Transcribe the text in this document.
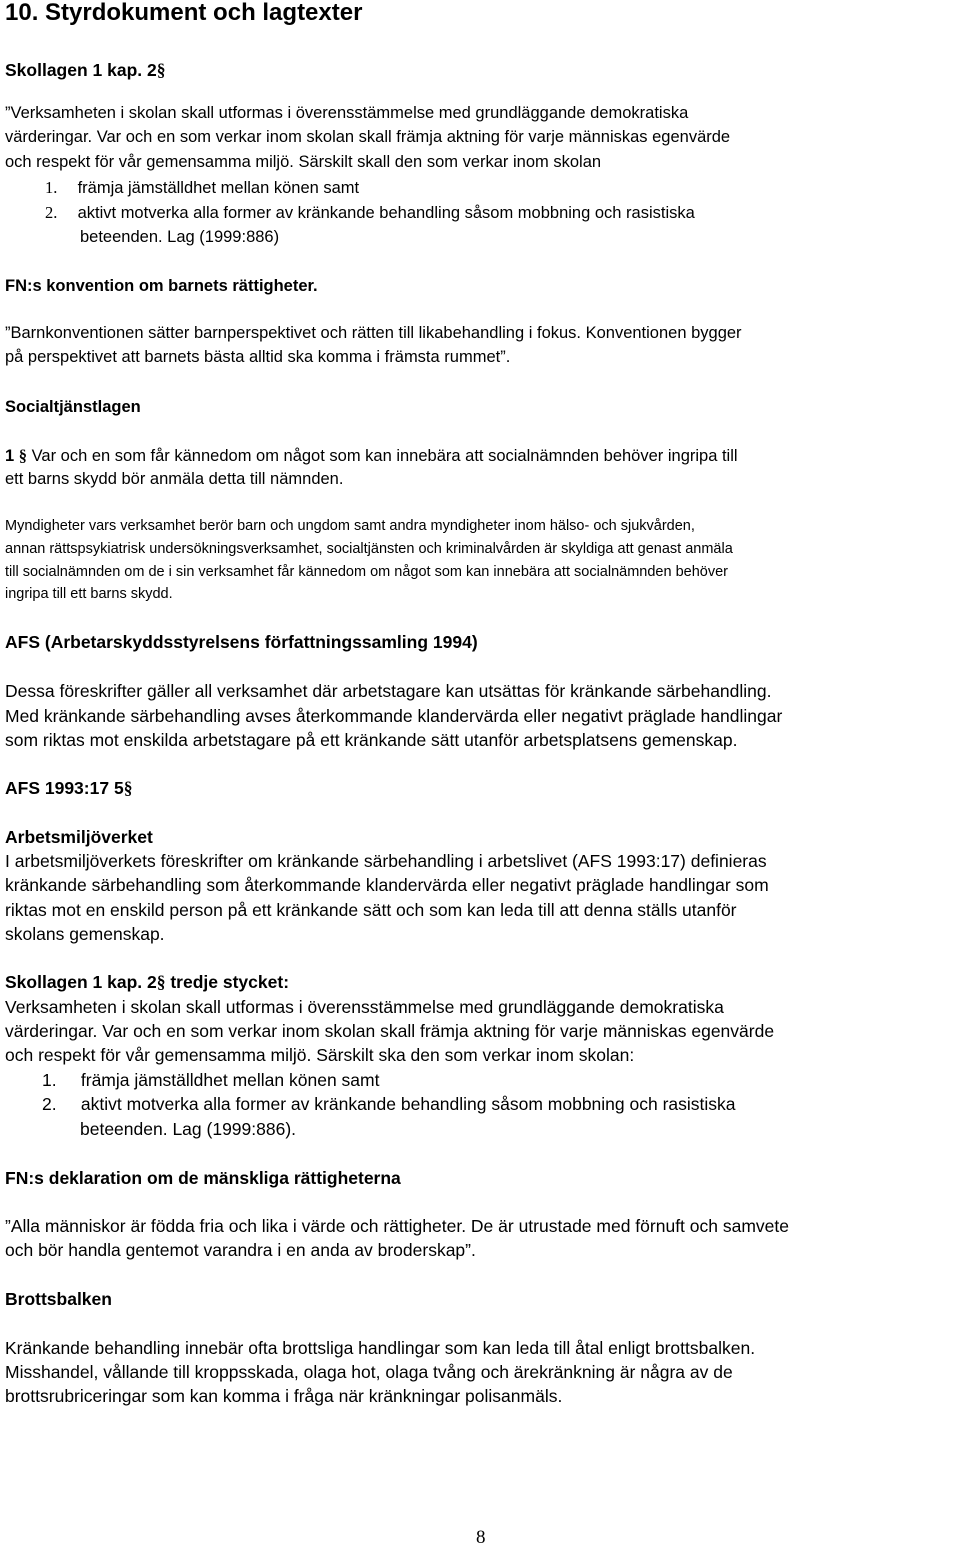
10. Styrdokument och lagtexter
Skollagen 1 kap. 2§
”Verksamheten i skolan skall utformas i överensstämmelse med grundläggande demokratiska
värderingar. Var och en som verkar inom skolan skall främja aktning för varje människas egenvärde
och respekt för vår gemensamma miljö. Särskilt skall den som verkar inom skolan
1. främja jämställdhet mellan könen samt
2. aktivt motverka alla former av kränkande behandling såsom mobbning och rasistiska
beteenden. Lag (1999:886)
FN:s konvention om barnets rättigheter.
”Barnkonventionen sätter barnperspektivet och rätten till likabehandling i fokus. Konventionen bygger
på perspektivet att barnets bästa alltid ska komma i främsta rummet”.
Socialtjänstlagen
1 § Var och en som får kännedom om något som kan innebära att socialnämnden behöver ingripa till
ett barns skydd bör anmäla detta till nämnden.
Myndigheter vars verksamhet berör barn och ungdom samt andra myndigheter inom hälso- och sjukvården,
annan rättspsykiatrisk undersökningsverksamhet, socialtjänsten och kriminalvården är skyldiga att genast anmäla
till socialnämnden om de i sin verksamhet får kännedom om något som kan innebära att socialnämnden behöver
ingripa till ett barns skydd.
AFS (Arbetarskyddsstyrelsens författningssamling 1994)
Dessa föreskrifter gäller all verksamhet där arbetstagare kan utsättas för kränkande särbehandling.
Med kränkande särbehandling avses återkommande klandervärda eller negativt präglade handlingar
som riktas mot enskilda arbetstagare på ett kränkande sätt utanför arbetsplatsens gemenskap.
AFS 1993:17 5§
Arbetsmiljöverket
I arbetsmiljöverkets föreskrifter om kränkande särbehandling i arbetslivet (AFS 1993:17) definieras
kränkande särbehandling som återkommande klandervärda eller negativt präglade handlingar som
riktas mot en enskild person på ett kränkande sätt och som kan leda till att denna ställs utanför
skolans gemenskap.
Skollagen 1 kap. 2§ tredje stycket:
Verksamheten i skolan skall utformas i överensstämmelse med grundläggande demokratiska
värderingar. Var och en som verkar inom skolan skall främja aktning för varje människas egenvärde
och respekt för vår gemensamma miljö. Särskilt ska den som verkar inom skolan:
1. främja jämställdhet mellan könen samt
2. aktivt motverka alla former av kränkande behandling såsom mobbning och rasistiska
beteenden. Lag (1999:886).
FN:s deklaration om de mänskliga rättigheterna
”Alla människor är födda fria och lika i värde och rättigheter. De är utrustade med förnuft och samvete
och bör handla gentemot varandra i en anda av broderskap”.
Brottsbalken
Kränkande behandling innebär ofta brottsliga handlingar som kan leda till åtal enligt brottsbalken.
Misshandel, vållande till kroppsskada, olaga hot, olaga tvång och ärekränkning är några av de
brottsrubriceringar som kan komma i fråga när kränkningar polisanmäls.
8
